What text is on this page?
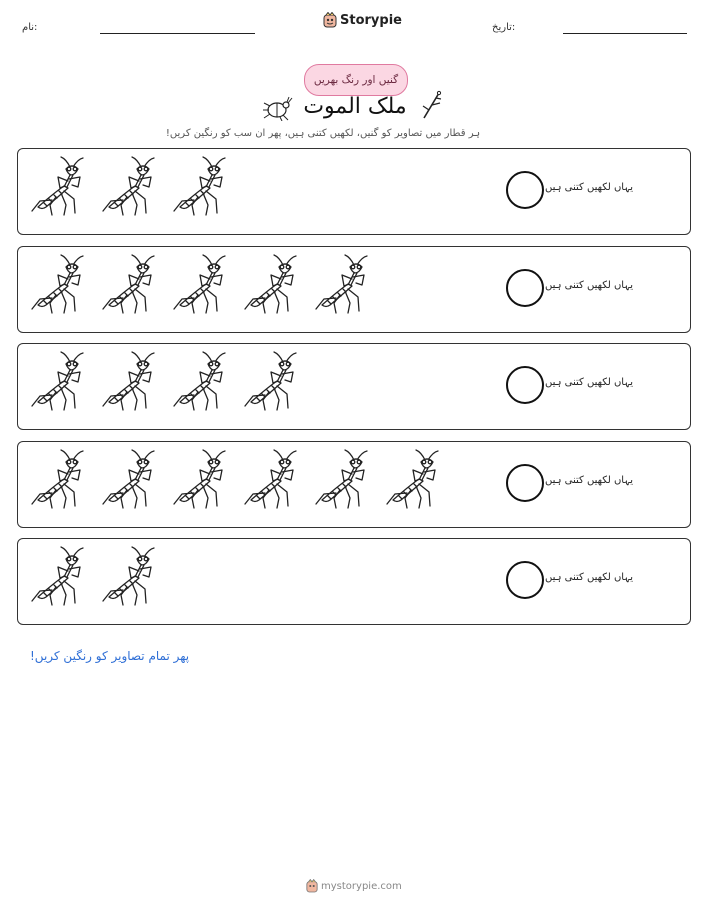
نام:	Storypie	تاریخ:
گنیں اور رنگ بھریں
ملک الموت
ہر قطار میں تصاویر کو گنیں، لکھیں کتنی ہیں، پھر ان سب کو رنگین کریں!
یہاں لکھیں کتنی ہیں
یہاں لکھیں کتنی ہیں
یہاں لکھیں کتنی ہیں
یہاں لکھیں کتنی ہیں
یہاں لکھیں کتنی ہیں
پھر تمام تصاویر کو رنگین کریں!
mystorypie.com
